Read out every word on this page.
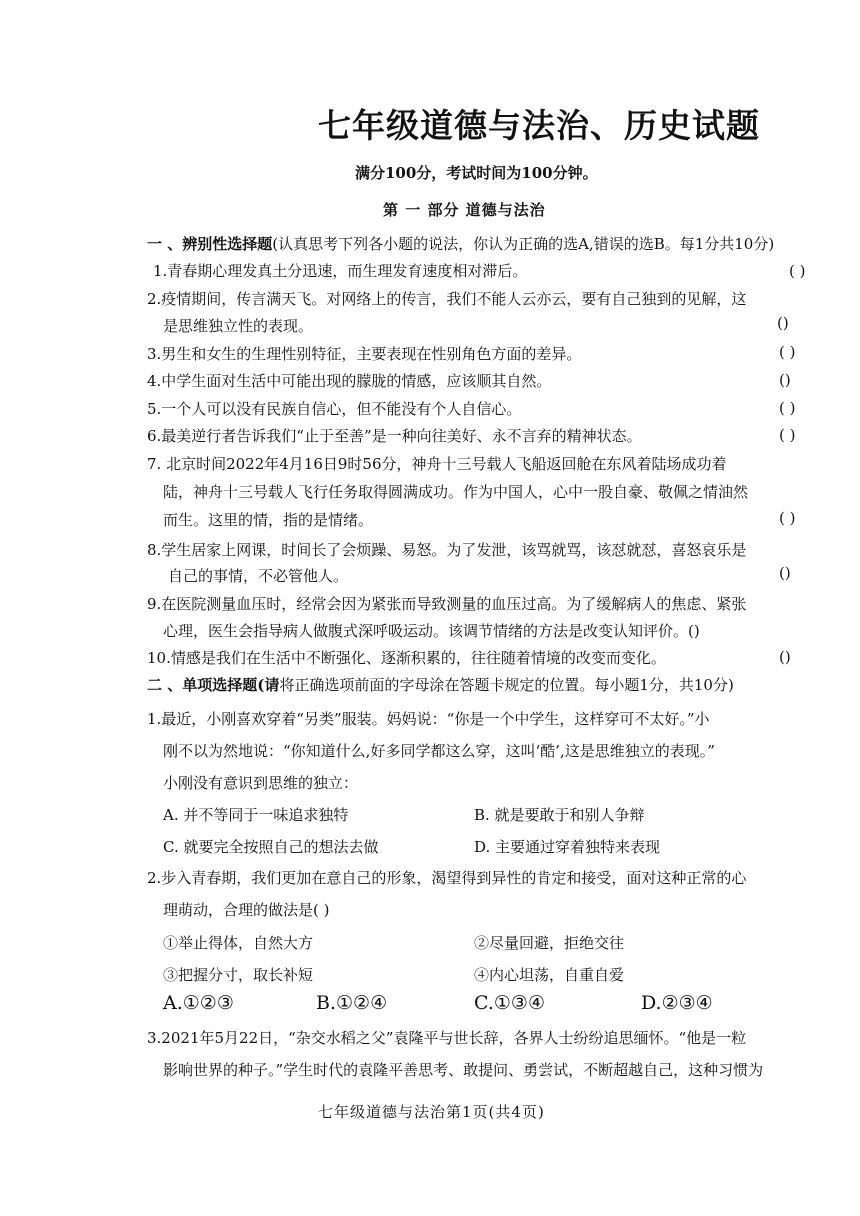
七年级道德与法治、历史试题
满分100分，考试时间为100分钟。
第 一 部分 道德与法治
一 、辨别性选择题(认真思考下列各小题的说法，你认为正确的选A,错误的选B。每1分共10分)
1.青春期心理发真土分迅速，而生理发育速度相对滞后。	( )
2.疫情期间，传言满天飞。对网络上的传言，我们不能人云亦云，要有自己独到的见解，这
是思维独立性的表现。	()
3.男生和女生的生理性别特征，主要表现在性别角色方面的差异。	( )
4.中学生面对生活中可能出现的朦胧的情感，应该顺其自然。	()
5.一个人可以没有民族自信心，但不能没有个人自信心。	( )
6.最美逆行者告诉我们“止于至善”是一种向往美好、永不言弃的精神状态。	( )
7. 北京时间2022年4月16日9时56分，神舟十三号载人飞船返回舱在东风着陆场成功着
陆，神舟十三号载人飞行任务取得圆满成功。作为中国人，心中一股自豪、敬佩之情油然
而生。这里的情，指的是情绪。	( )
8.学生居家上网课，时间长了会烦躁、易怒。为了发泄，该骂就骂，该怼就怼，喜怒哀乐是
自己的事情，不必管他人。	()
9.在医院测量血压时，经常会因为紧张而导致测量的血压过高。为了缓解病人的焦虑、紧张
心理，医生会指导病人做腹式深呼吸运动。该调节情绪的方法是改变认知评价。()
10.情感是我们在生活中不断强化、逐渐积累的，往往随着情境的改变而变化。	()
二 、单项选择题(请将正确选项前面的字母涂在答题卡规定的位置。每小题1分，共10分)
1.最近，小刚喜欢穿着“另类”服装。妈妈说：“你是一个中学生，这样穿可不太好。”小
刚不以为然地说：“你知道什么,好多同学都这么穿，这叫‘酷’,这是思维独立的表现。”
小刚没有意识到思维的独立：
A. 并不等同于一味追求独特	B. 就是要敢于和别人争辩
C. 就要完全按照自己的想法去做	D. 主要通过穿着独特来表现
2.步入青春期，我们更加在意自己的形象，渴望得到异性的肯定和接受，面对这种正常的心
理萌动，合理的做法是( )
①举止得体，自然大方	②尽量回避，拒绝交往
③把握分寸，取长补短	④内心坦荡，自重自爱
A.①②③	B.①②④	C.①③④	D.②③④
3.2021年5月22日，“杂交水稻之父”袁隆平与世长辞，各界人士纷纷追思缅怀。“他是一粒
影响世界的种子。”学生时代的袁隆平善思考、敢提问、勇尝试，不断超越自己，这种习惯为
七年级道德与法治第1页(共4页)
